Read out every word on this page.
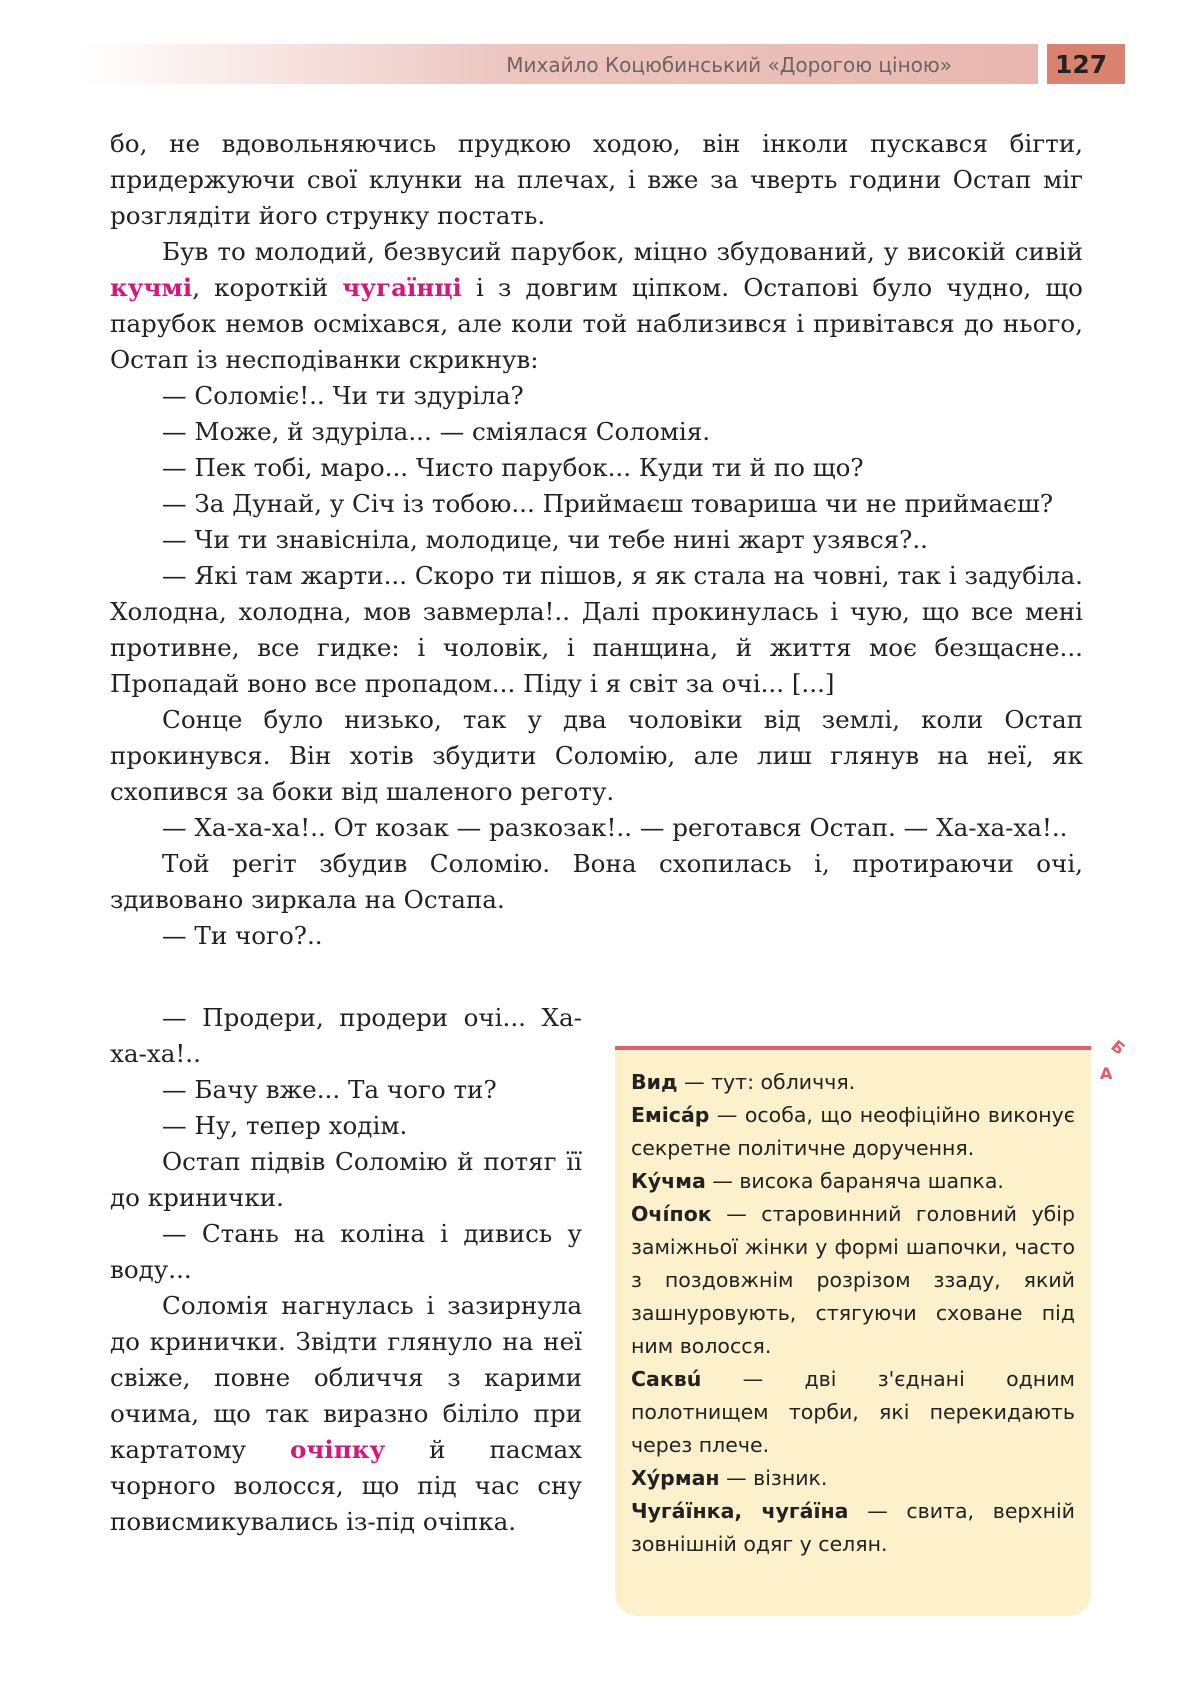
Михайло Коцюбинський «Дорогою ціною»	127

бо, не вдовольняючись прудкою ходою, він інколи пускався бігти, придержуючи свої клунки на плечах, і вже за чверть години Остап міг розглядіти його струнку постать.

Був то молодий, безвусий парубок, міцно збудований, у високій сивій кучмі, короткій чугаїнці і з довгим ціпком. Остапові було чудно, що парубок немов осміхався, але коли той наблизився і привітався до нього, Остап із несподіванки скрикнув:

— Соломіє!.. Чи ти здуріла?

— Може, й здуріла... — сміялася Соломія.

— Пек тобі, маро... Чисто парубок... Куди ти й по що?

— За Дунай, у Січ із тобою... Приймаєш товариша чи не приймаєш?

— Чи ти знавісніла, молодице, чи тебе нині жарт узявся?..

— Які там жарти... Скоро ти пішов, я як стала на човні, так і задубіла. Холодна, холодна, мов завмерла!.. Далі прокинулась і чую, що все мені противне, все гидке: і чоловік, і панщина, й життя моє безщасне... Пропадай воно все пропадом... Піду і я світ за очі... [...]

Сонце було низько, так у два чоловіки від землі, коли Остап прокинувся. Він хотів збудити Соломію, але лиш глянув на неї, як схопився за боки від шаленого реготу.

— Ха-ха-ха!.. От козак — разкозак!.. — реготався Остап. — Ха-ха-ха!..

Той регіт збудив Соломію. Вона схопилась і, протираючи очі, здивовано зиркала на Остапа.

— Ти чого?..

— Продери, продери очі... Ха-ха-ха!..

— Бачу вже... Та чого ти?

— Ну, тепер ходім.

Остап підвів Соломію й потяг її до кринички.

— Стань на коліна і дивись у воду...

Соломія нагнулась і зазирнула до кринички. Звідти глянуло на неї свіже, повне обличчя з карими очима, що так виразно біліло при картатому очіпку й пасмах чорного волосся, що під час сну повисмикувались із-під очіпка.

Вид — тут: обличчя.

Емісáр — особа, що неофіційно виконує секретне політичне доручення.

Кýчма — висока баранячa шапка.

Очíпок — старовинний головний убір заміжньої жінки у формі шапочки, часто з поздовжнім розрізом ззаду, який зашнуровують, стягуючи сховане під ним волосся.

Саквú — дві з'єднані одним полотнищем торби, які перекидають через плече.

Хýрман — візник.

Чугáїнка, чугáїна — свита, верхній зовнішній одяг у селян.

Б
А
